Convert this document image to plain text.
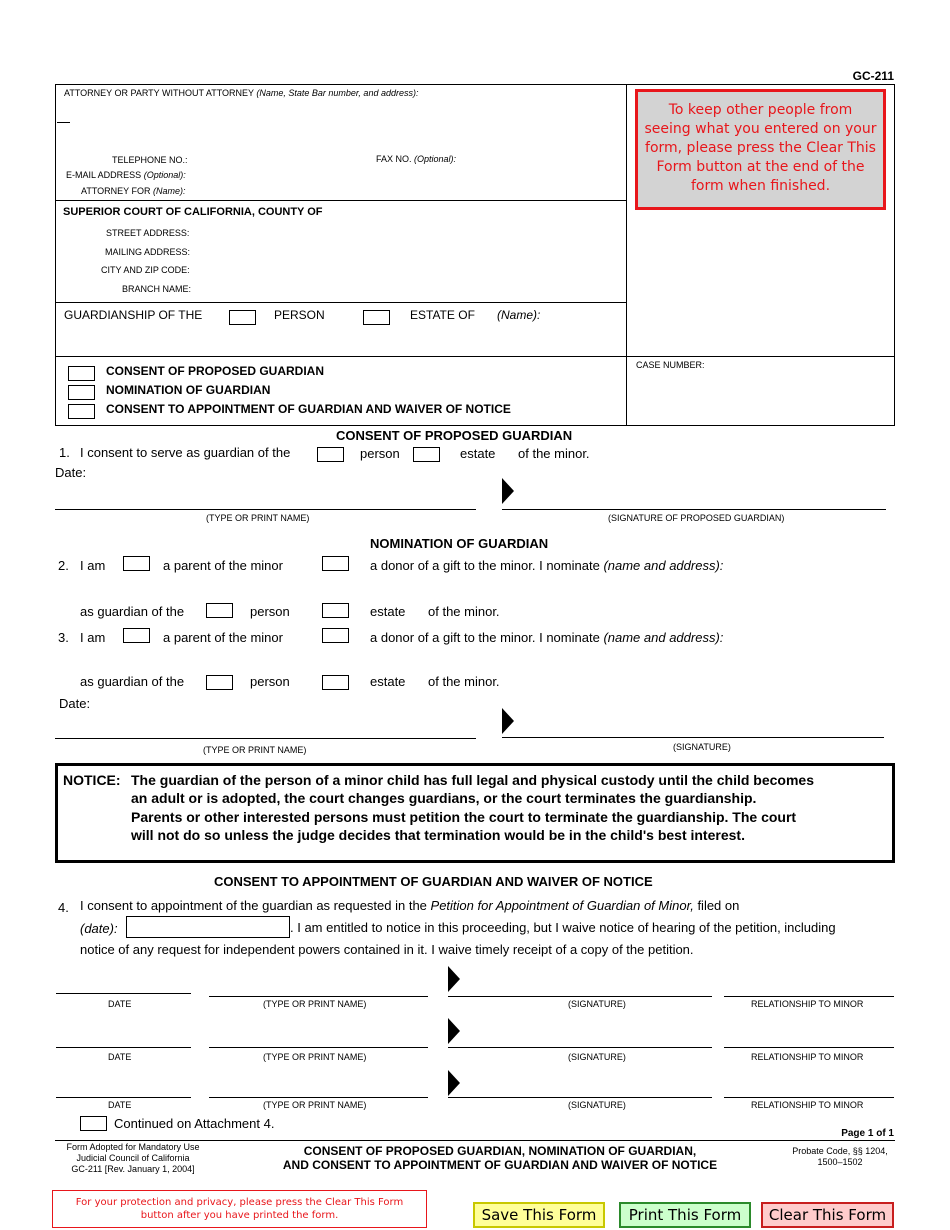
GC-211
ATTORNEY OR PARTY WITHOUT ATTORNEY (Name, State Bar number, and address):
TELEPHONE NO.:	FAX NO. (Optional):
E-MAIL ADDRESS (Optional):
ATTORNEY FOR (Name):
SUPERIOR COURT OF CALIFORNIA, COUNTY OF
STREET ADDRESS:
MAILING ADDRESS:
CITY AND ZIP CODE:
BRANCH NAME:
GUARDIANSHIP OF THE	PERSON	ESTATE OF (Name):
To keep other people from seeing what you entered on your form, please press the Clear This Form button at the end of the form when finished.
CASE NUMBER:
CONSENT OF PROPOSED GUARDIAN
NOMINATION OF GUARDIAN
CONSENT TO APPOINTMENT OF GUARDIAN AND WAIVER OF NOTICE
CONSENT OF PROPOSED GUARDIAN
1. I consent to serve as guardian of the	person	estate of the minor.
Date:
(TYPE OR PRINT NAME)	(SIGNATURE OF PROPOSED GUARDIAN)
NOMINATION OF GUARDIAN
2. I am	a parent of the minor	a donor of a gift to the minor. I nominate (name and address):
as guardian of the	person	estate of the minor.
3. I am	a parent of the minor	a donor of a gift to the minor. I nominate (name and address):
as guardian of the	person	estate of the minor.
Date:
(TYPE OR PRINT NAME)	(SIGNATURE)
NOTICE: The guardian of the person of a minor child has full legal and physical custody until the child becomes
an adult or is adopted, the court changes guardians, or the court terminates the guardianship.
Parents or other interested persons must petition the court to terminate the guardianship. The court
will not do so unless the judge decides that termination would be in the child's best interest.
CONSENT TO APPOINTMENT OF GUARDIAN AND WAIVER OF NOTICE
4. I consent to appointment of the guardian as requested in the Petition for Appointment of Guardian of Minor, filed on
(date):	. I am entitled to notice in this proceeding, but I waive notice of hearing of the petition, including
notice of any request for independent powers contained in it. I waive timely receipt of a copy of the petition.
DATE	(TYPE OR PRINT NAME)	(SIGNATURE)	RELATIONSHIP TO MINOR
DATE	(TYPE OR PRINT NAME)	(SIGNATURE)	RELATIONSHIP TO MINOR
DATE	(TYPE OR PRINT NAME)	(SIGNATURE)	RELATIONSHIP TO MINOR
Continued on Attachment 4.
Page 1 of 1
Form Adopted for Mandatory Use
Judicial Council of California
GC-211 [Rev. January 1, 2004]
CONSENT OF PROPOSED GUARDIAN, NOMINATION OF GUARDIAN,
AND CONSENT TO APPOINTMENT OF GUARDIAN AND WAIVER OF NOTICE
Probate Code, §§ 1204,
1500–1502
For your protection and privacy, please press the Clear This Form
button after you have printed the form.	Save This Form	Print This Form	Clear This Form
